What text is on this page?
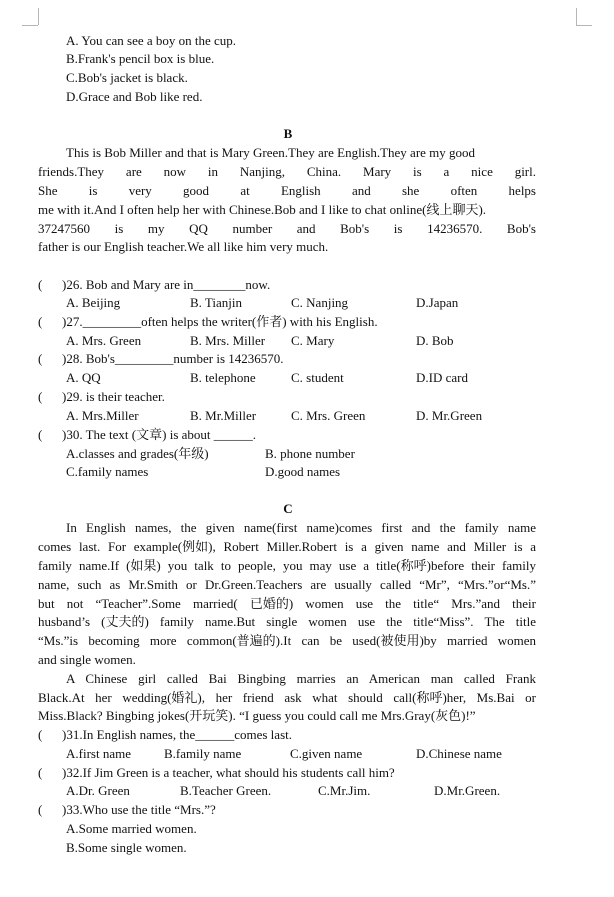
A. You can see a boy on the cup.
B.Frank's pencil box is blue.
C.Bob's jacket is black.
D.Grace and Bob like red.
B
This is Bob Miller and that is Mary Green.They are English.They are my good
friends.They are now in Nanjing, China. Mary is a nice girl.
She is very good at English and she often helps
me with it.And I often help her with Chinese.Bob and I like to chat online(线上聊天).
37247560 is my QQ number and Bob's is 14236570. Bob's
father is our English teacher.We all like him very much.
( )26. Bob and Mary are in________now.
A. Beijing	B. Tianjin	C. Nanjing	D.Japan
( )27._________often helps the writer(作者) with his English.
A. Mrs. Green	B. Mrs. Miller C. Mary	D. Bob
( )28. Bob's_________number is 14236570.
A. QQ	B. telephone	C. student	D.ID card
( )29. is their teacher.
A. Mrs.Miller	B. Mr.Miller	C. Mrs. Green	D. Mr.Green
( )30. The text (文章) is about ______.
A.classes and grades(年级)	B. phone number
C.family names	D.good names
C
In English names, the given name(first name)comes first and the family name
comes last. For example(例如), Robert Miller.Robert is a given name and Miller is a
family name.If (如果) you talk to people, you may use a title(称呼)before their family
name, such as Mr.Smith or Dr.Green.Teachers are usually called “Mr”, “Mrs.”or“Ms.”
but not “Teacher”.Some married( 已婚的) women use the title“ Mrs.”and their
husband’s (丈夫的) family name.But single women use the title“Miss”. The title
“Ms.”is becoming more common(普遍的).It can be used(被使用)by married women
and single women.
A Chinese girl called Bai Bingbing marries an American man called Frank
Black.At her wedding(婚礼), her friend ask what should call(称呼)her, Ms.Bai or
Miss.Black? Bingbing jokes(开玩笑). “I guess you could call me Mrs.Gray(灰色)!”
( )31.In English names, the______comes last.
A.first name	B.family name	C.given name	D.Chinese name
( )32.If Jim Green is a teacher, what should his students call him?
A.Dr. Green	B.Teacher Green.	C.Mr.Jim.	D.Mr.Green.
( )33.Who use the title “Mrs.”?
A.Some married women.
B.Some single women.
